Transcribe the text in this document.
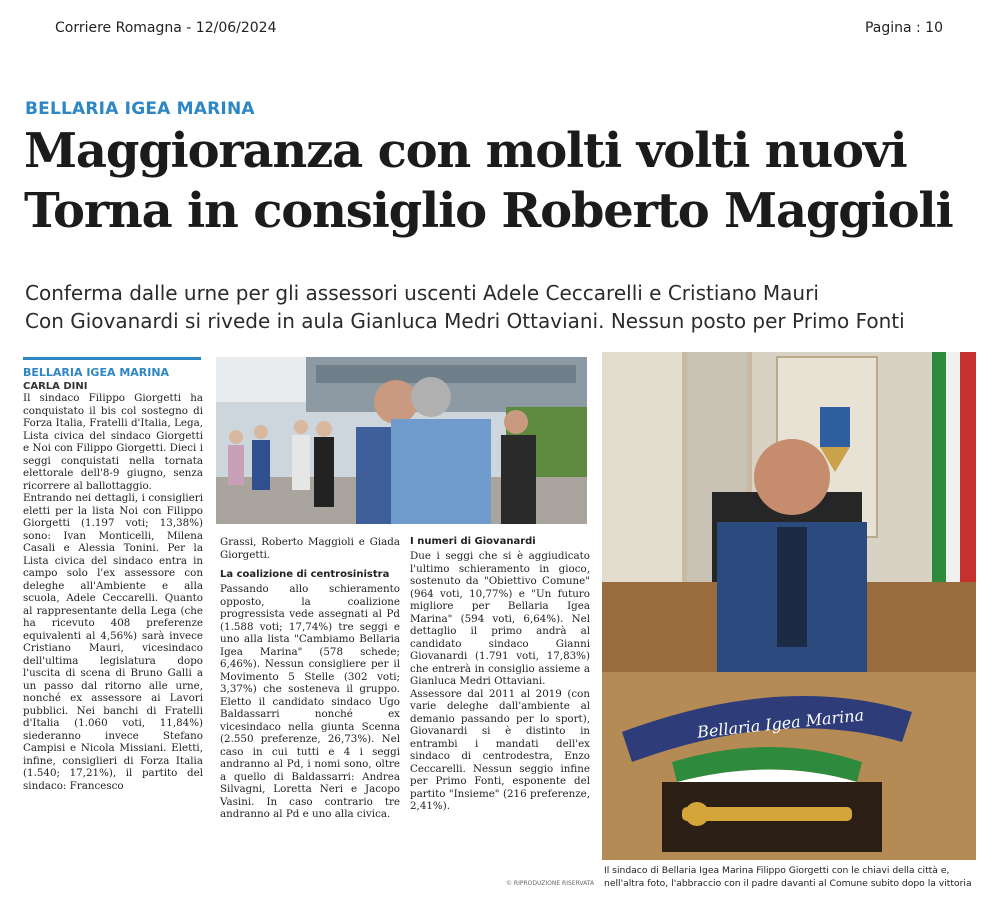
Corriere Romagna - 12/06/2024	Pagina : 10
BELLARIA IGEA MARINA
Maggioranza con molti volti nuovi
Torna in consiglio Roberto Maggioli
Conferma dalle urne per gli assessori uscenti Adele Ceccarelli e Cristiano Mauri
Con Giovanardi si rivede in aula Gianluca Medri Ottaviani. Nessun posto per Primo Fonti
BELLARIA IGEA MARINA
CARLA DINI

Il sindaco Filippo Giorgetti ha conquistato il bis col sostegno di Forza Italia, Fratelli d'Italia, Lega, Lista civica del sindaco Giorgetti e Noi con Filippo Giorgetti. Dieci i seggi conquistati nella tornata elettorale dell'8-9 giugno, senza ricorrere al ballottaggio.

Entrando nei dettagli, i consiglieri eletti per la lista Noi con Filippo Giorgetti (1.197 voti; 13,38%) sono: Ivan Monticelli, Milena Casali e Alessia Tonini. Per la Lista civica del sindaco entra in campo solo l'ex assessore con deleghe all'Ambiente e alla scuola, Adele Ceccarelli. Quanto al rappresentante della Lega (che ha ricevuto 408 preferenze equivalenti al 4,56%) sarà invece Cristiano Mauri, vicesindaco dell'ultima legislatura dopo l'uscita di scena di Bruno Galli a un passo dal ritorno alle urne, nonché ex assessore ai Lavori pubblici. Nei banchi di Fratelli d'Italia (1.060 voti, 11,84%) siederanno invece Stefano Campisi e Nicola Missiani. Eletti, infine, consiglieri di Forza Italia (1.540; 17,21%), il partito del sindaco: Francesco

Grassi, Roberto Maggioli e Giada Giorgetti.

La coalizione di centrosinistra

Passando allo schieramento opposto, la coalizione progressista vede assegnati al Pd (1.588 voti; 17,74%) tre seggi e uno alla lista "Cambiamo Bellaria Igea Marina" (578 schede; 6,46%). Nessun consigliere per il Movimento 5 Stelle (302 voti; 3,37%) che sosteneva il gruppo. Eletto il candidato sindaco Ugo Baldassarri nonché ex vicesindaco nella giunta Scenna (2.550 preferenze, 26,73%). Nel caso in cui tutti e 4 i seggi andranno al Pd, i nomi sono, oltre a quello di Baldassarri: Andrea Silvagni, Loretta Neri e Jacopo Vasini. In caso contrario tre andranno al Pd e uno alla civica.

I numeri di Giovanardi

Due i seggi che si è aggiudicato l'ultimo schieramento in gioco, sostenuto da "Obiettivo Comune" (964 voti, 10,77%) e "Un futuro migliore per Bellaria Igea Marina" (594 voti, 6,64%). Nel dettaglio il primo andrà al candidato sindaco Gianni Giovanardi (1.791 voti, 17,83%) che entrerà in consiglio assieme a Gianluca Medri Ottaviani.

Assessore dal 2011 al 2019 (con varie deleghe dall'ambiente al demanio passando per lo sport), Giovanardi si è distinto in entrambi i mandati dell'ex sindaco di centrodestra, Enzo Ceccarelli. Nessun seggio infine per Primo Fonti, esponente del partito "Insieme" (216 preferenze, 2,41%).

Bellaria Igea Marina
Il sindaco di Bellaria Igea Marina Filippo Giorgetti con le chiavi della città e,
nell'altra foto, l'abbraccio con il padre davanti al Comune subito dopo la vittoria
© RIPRODUZIONE RISERVATA
